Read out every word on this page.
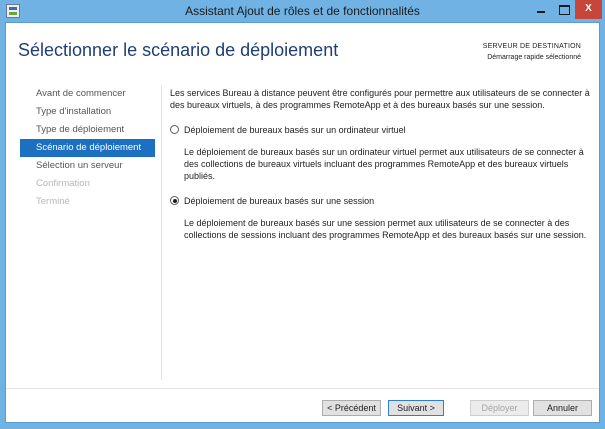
Assistant Ajout de rôles et de fonctionnalités	X
Sélectionner le scénario de déploiement	SERVEUR DE DESTINATION
Démarrage rapide sélectionné
Avant de commencer
Type d'installation
Type de déploiement
Scénario de déploiement
Sélection un serveur
Confirmation
Terminé
Les services Bureau à distance peuvent être configurés pour permettre aux utilisateurs de se connecter à des bureaux virtuels, à des programmes RemoteApp et à des bureaux basés sur une session.
Déploiement de bureaux basés sur un ordinateur virtuel
Le déploiement de bureaux basés sur un ordinateur virtuel permet aux utilisateurs de se connecter à des collections de bureaux virtuels incluant des programmes RemoteApp et des bureaux virtuels publiés.
Déploiement de bureaux basés sur une session
Le déploiement de bureaux basés sur une session permet aux utilisateurs de se connecter à des collections de sessions incluant des programmes RemoteApp et des bureaux basés sur une session.
< Précédent	Suivant >	Déployer	Annuler
